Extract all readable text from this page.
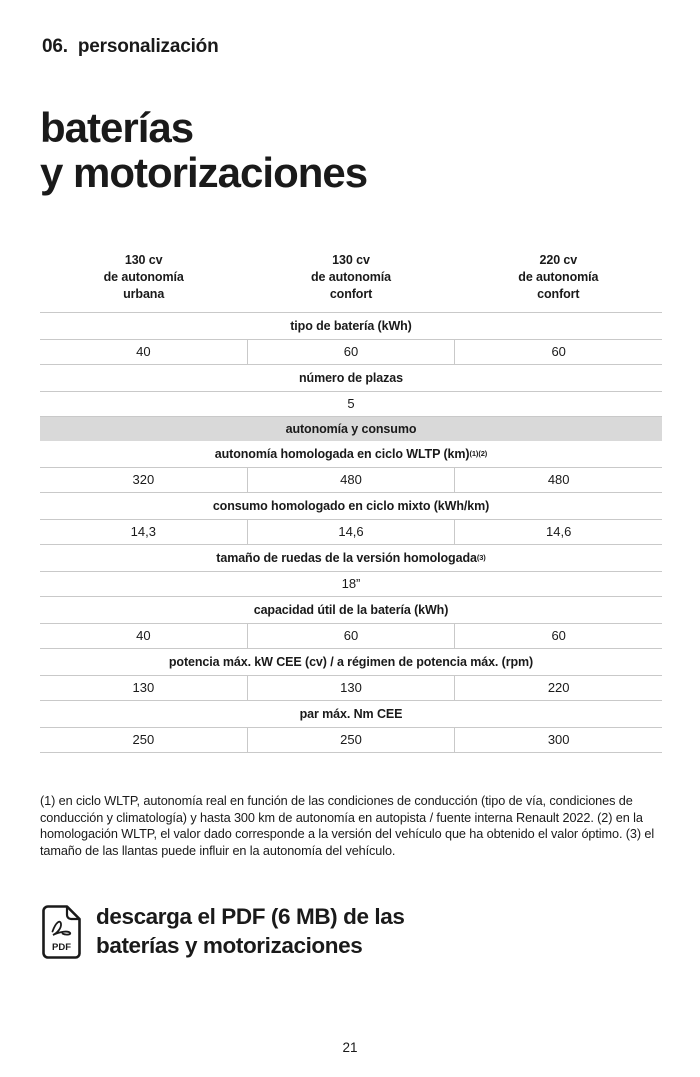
06. personalización
baterías
y motorizaciones
130 cv
de autonomía
urbana
130 cv
de autonomía
confort
220 cv
de autonomía
confort
tipo de batería (kWh)
40	60	60
número de plazas
5
autonomía y consumo
autonomía homologada en ciclo WLTP (km) (1)(2)
320	480	480
consumo homologado en ciclo mixto (kWh/km)
14,3	14,6	14,6
tamaño de ruedas de la versión homologada (3)
18”
capacidad útil de la batería (kWh)
40	60	60
potencia máx. kW CEE (cv) / a régimen de potencia máx. (rpm)
130	130	220
par máx. Nm CEE
250	250	300

(1) en ciclo WLTP, autonomía real en función de las condiciones de conducción (tipo de vía, condiciones de conducción y climatología) y hasta 300 km de autonomía en autopista / fuente interna Renault 2022. (2) en la homologación WLTP, el valor dado corresponde a la versión del vehículo que ha obtenido el valor óptimo. (3) el tamaño de las llantas puede influir en la autonomía del vehículo.

PDF
descarga el PDF (6 MB) de las
baterías y motorizaciones
21
